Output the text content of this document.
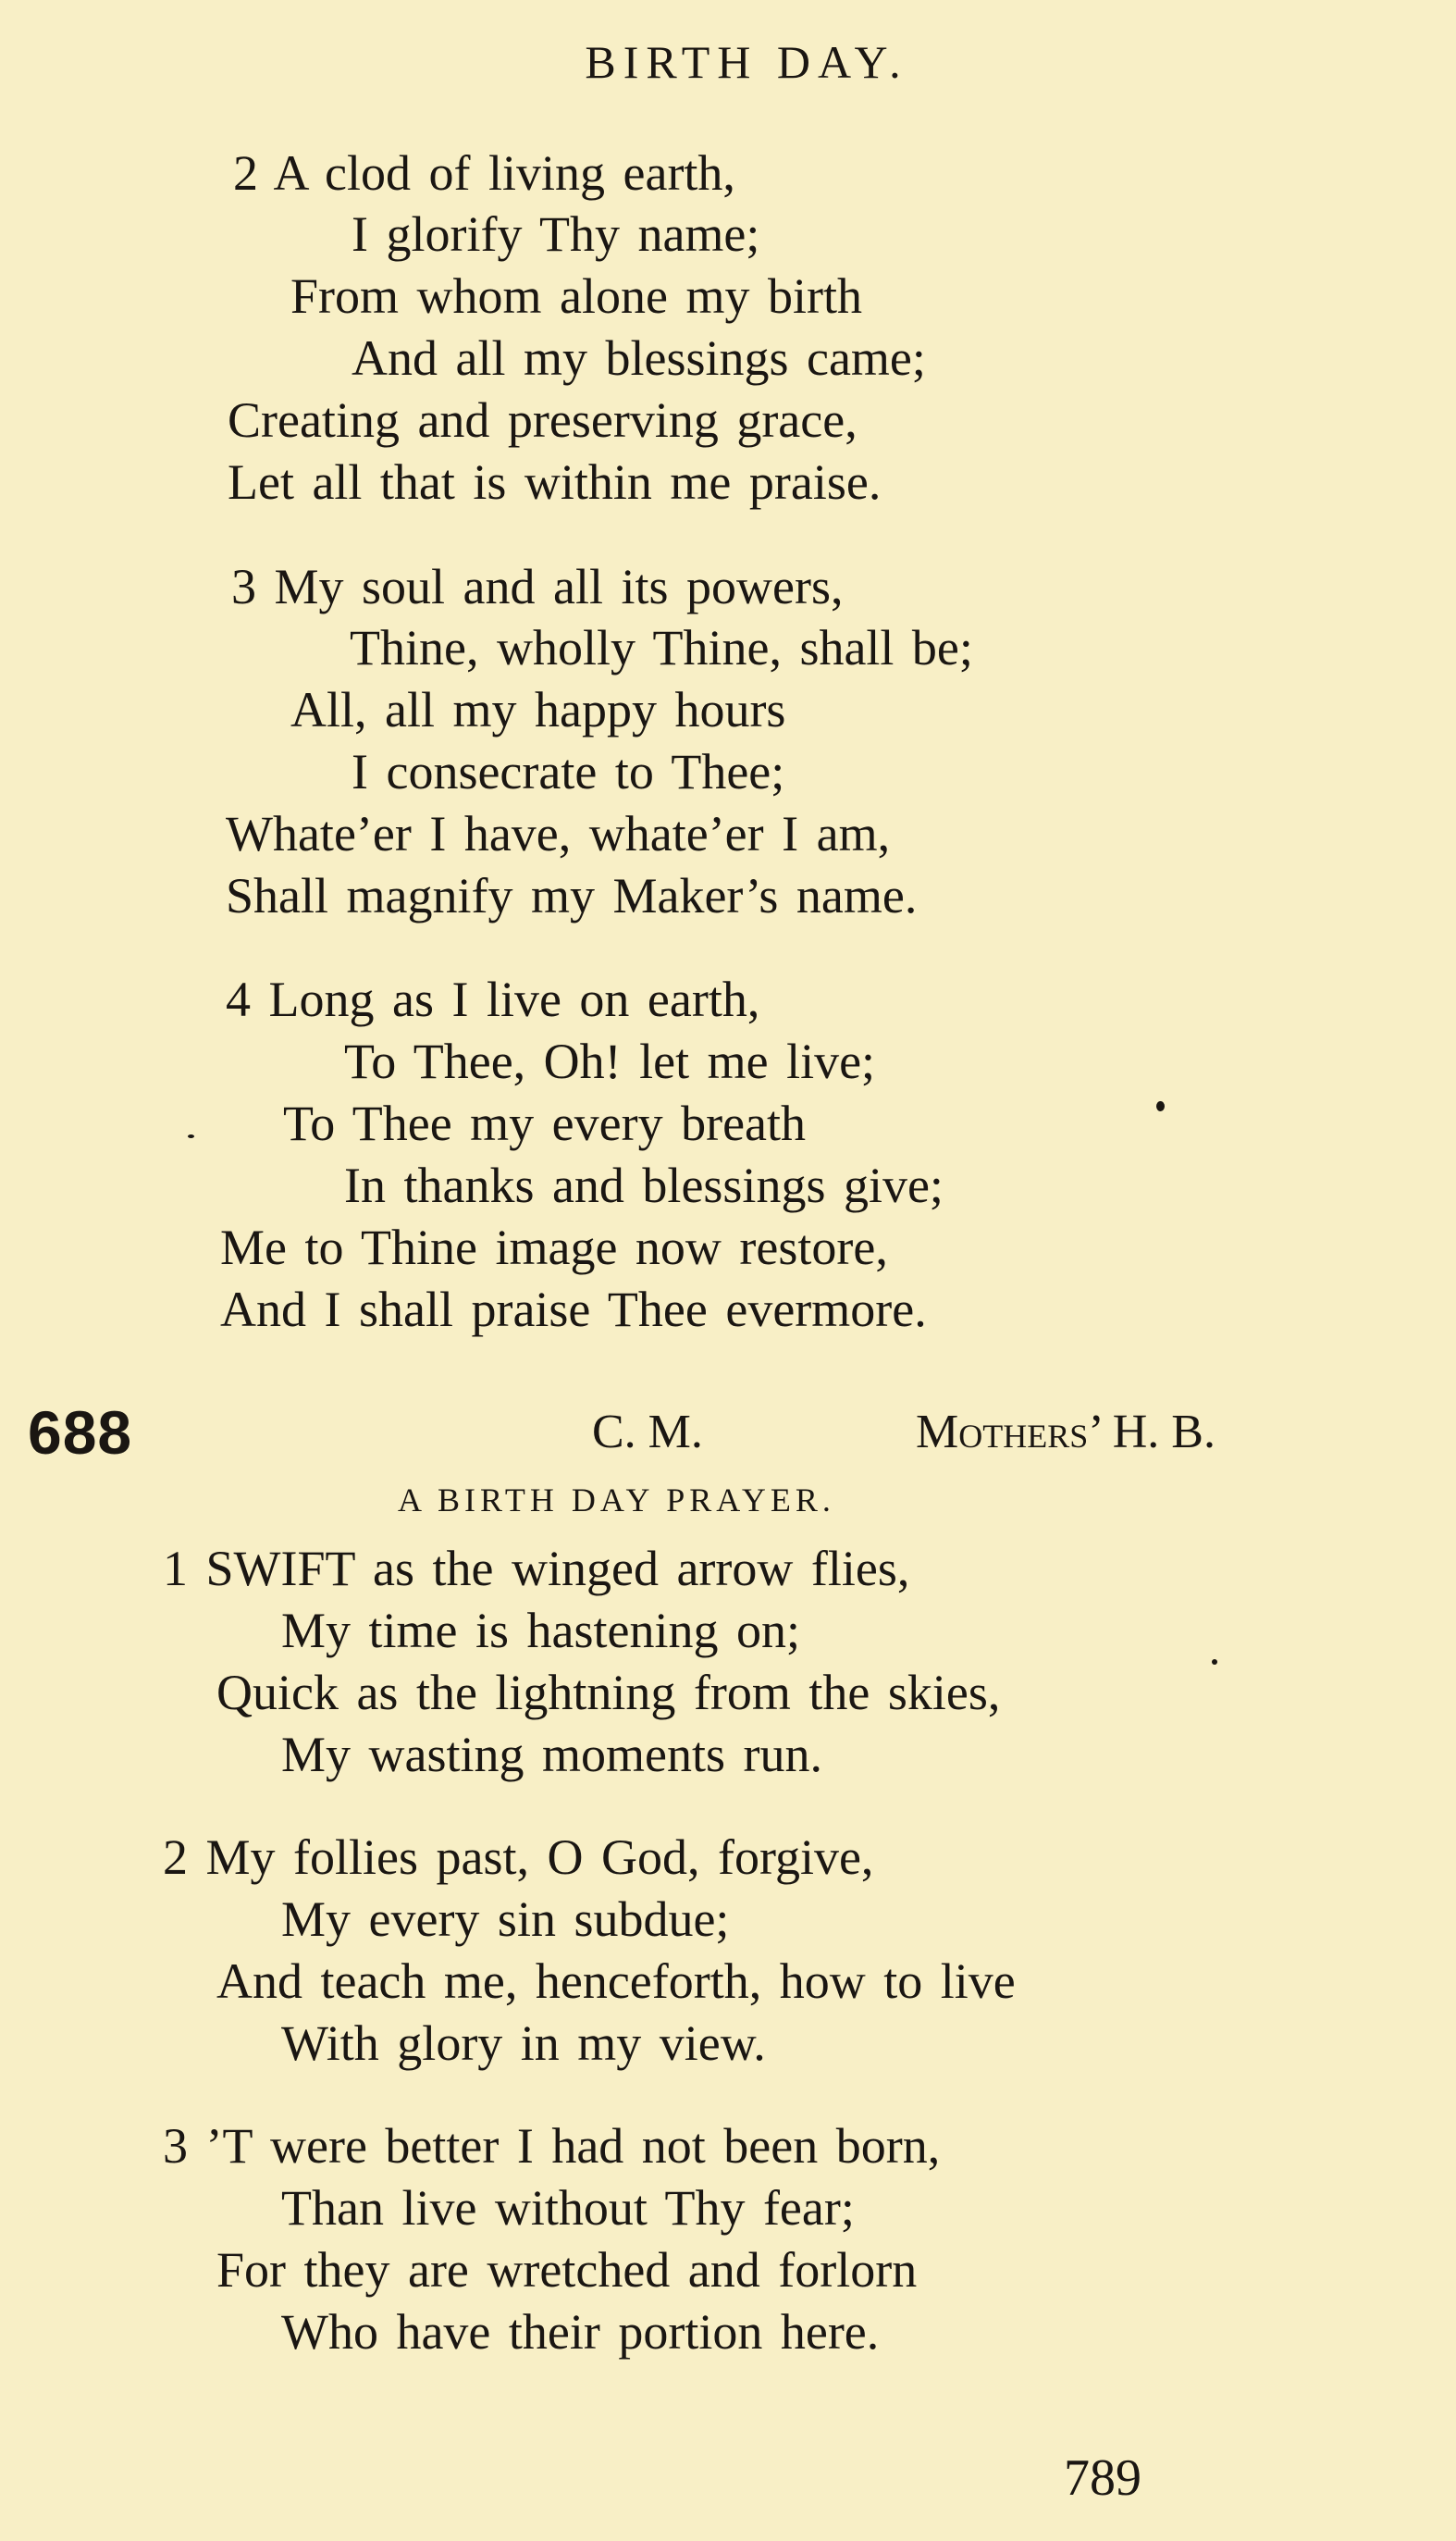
BIRTH DAY.
2 A clod of living earth,
I glorify Thy name;
From whom alone my birth
And all my blessings came;
Creating and preserving grace,
Let all that is within me praise.
3 My soul and all its powers,
Thine, wholly Thine, shall be;
All, all my happy hours
I consecrate to Thee;
Whate’er I have, whate’er I am,
Shall magnify my Maker’s name.
4 Long as I live on earth,
To Thee, Oh! let me live;
To Thee my every breath
In thanks and blessings give;
Me to Thine image now restore,
And I shall praise Thee evermore.
688	C. M.	Mothers’ H. B.
A BIRTH DAY PRAYER.
1 SWIFT as the winged arrow flies,
My time is hastening on;
Quick as the lightning from the skies,
My wasting moments run.
2 My follies past, O God, forgive,
My every sin subdue;
And teach me, henceforth, how to live
With glory in my view.
3 ’T were better I had not been born,
Than live without Thy fear;
For they are wretched and forlorn
Who have their portion here.
789
